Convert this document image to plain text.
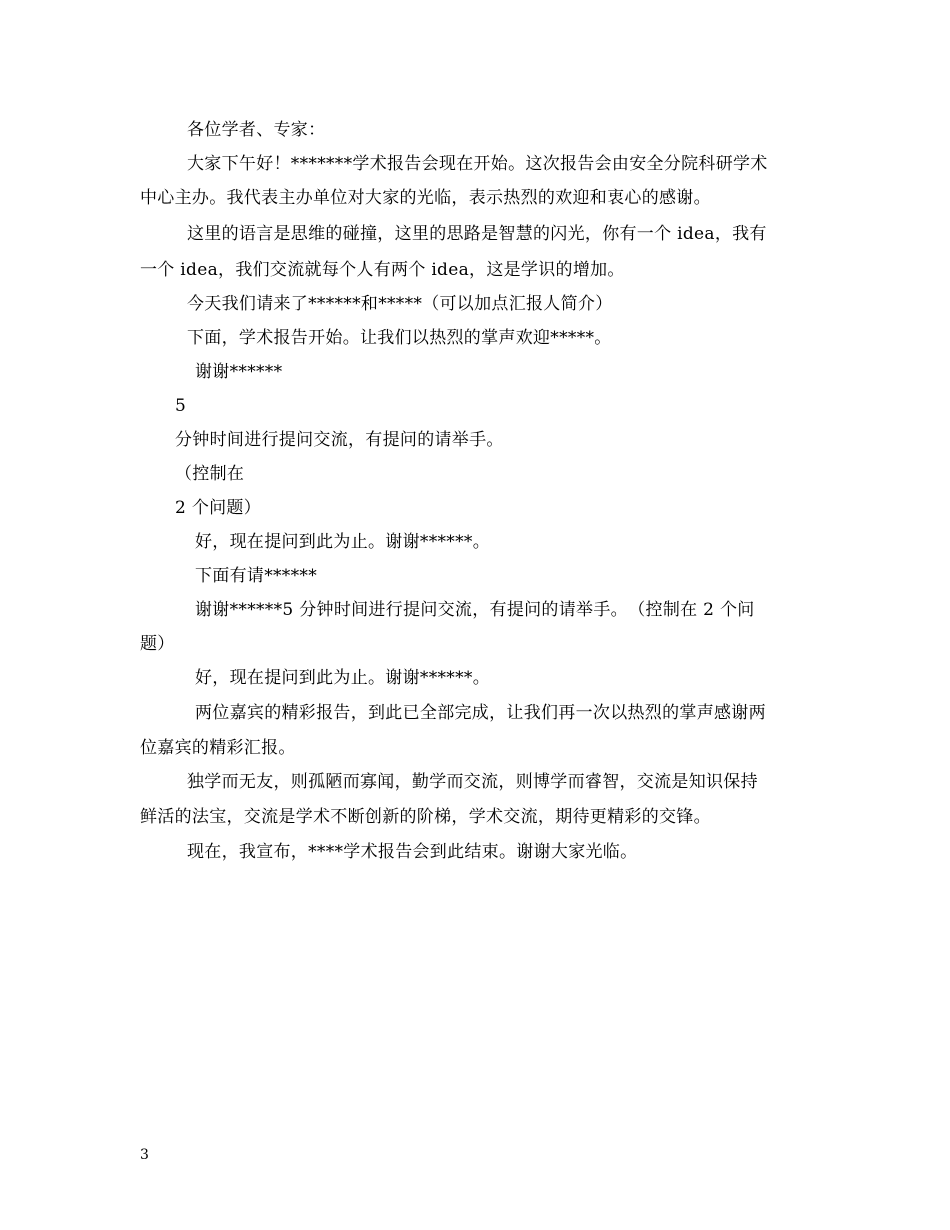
各位学者、专家：
大家下午好！*******学术报告会现在开始。这次报告会由安全分院科研学术
中心主办。我代表主办单位对大家的光临，表示热烈的欢迎和衷心的感谢。
这里的语言是思维的碰撞，这里的思路是智慧的闪光，你有一个 idea，我有
一个 idea，我们交流就每个人有两个 idea，这是学识的增加。
今天我们请来了******和*****（可以加点汇报人简介）
下面，学术报告开始。让我们以热烈的掌声欢迎*****。
谢谢******
5
分钟时间进行提问交流，有提问的请举手。
（控制在
2 个问题）
好，现在提问到此为止。谢谢******。
下面有请******
谢谢******5 分钟时间进行提问交流，有提问的请举手。　（控制在 2 个问
题）
好，现在提问到此为止。谢谢******。
两位嘉宾的精彩报告，到此已全部完成，让我们再一次以热烈的掌声感谢两
位嘉宾的精彩汇报。
独学而无友，则孤陋而寡闻，勤学而交流，则博学而睿智，交流是知识保持
鲜活的法宝，交流是学术不断创新的阶梯，学术交流，期待更精彩的交锋。
现在，我宣布，****学术报告会到此结束。谢谢大家光临。
3
